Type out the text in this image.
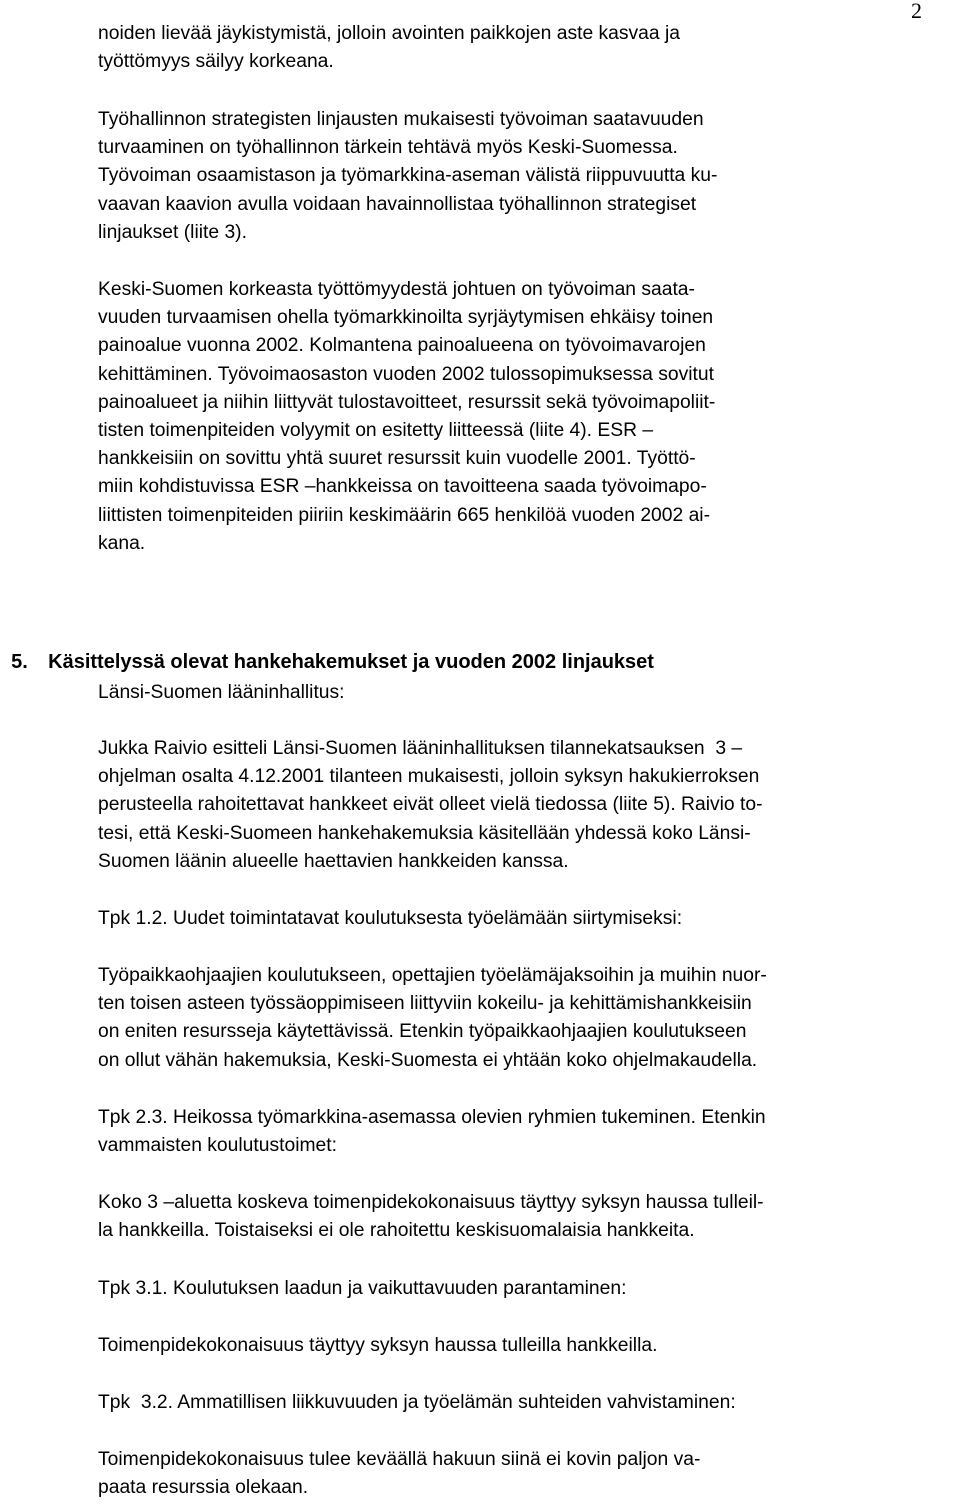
2
noiden lievää jäykistymistä, jolloin avointen paikkojen aste kasvaa ja
työttömyys säilyy korkeana.
Työhallinnon strategisten linjausten mukaisesti työvoiman saatavuuden
turvaaminen on työhallinnon tärkein tehtävä myös Keski-Suomessa.
Työvoiman osaamistason ja työmarkkina-aseman välistä riippuvuutta ku-
vaavan kaavion avulla voidaan havainnollistaa työhallinnon strategiset
linjaukset (liite 3).
Keski-Suomen korkeasta työttömyydestä johtuen on työvoiman saata-
vuuden turvaamisen ohella työmarkkinoilta syrjäytymisen ehkäisy toinen
painoalue vuonna 2002. Kolmantena painoalueena on työvoimavarojen
kehittäminen. Työvoimaosaston vuoden 2002 tulossopimuksessa sovitut
painoalueet ja niihin liittyvät tulostavoitteet, resurssit sekä työvoimapoliit-
tisten toimenpiteiden volyymit on esitetty liitteessä (liite 4). ESR –
hankkeisiin on sovittu yhtä suuret resurssit kuin vuodelle 2001. Työttö-
miin kohdistuvissa ESR –hankkeissa on tavoitteena saada työvoimapo-
liittisten toimenpiteiden piiriin keskimäärin 665 henkilöä vuoden 2002 ai-
kana.

5. Käsittelyssä olevat hankehakemukset ja vuoden 2002 linjaukset

Länsi-Suomen lääninhallitus:
Jukka Raivio esitteli Länsi-Suomen lääninhallituksen tilannekatsauksen  3 –
ohjelman osalta 4.12.2001 tilanteen mukaisesti, jolloin syksyn hakukierroksen
perusteella rahoitettavat hankkeet eivät olleet vielä tiedossa (liite 5). Raivio to-
tesi, että Keski-Suomeen hankehakemuksia käsitellään yhdessä koko Länsi-
Suomen läänin alueelle haettavien hankkeiden kanssa.
Tpk 1.2. Uudet toimintatavat koulutuksesta työelämään siirtymiseksi:
Työpaikkaohjaajien koulutukseen, opettajien työelämäjaksoihin ja muihin nuor-
ten toisen asteen työssäoppimiseen liittyviin kokeilu- ja kehittämishankkeisiin
on eniten resursseja käytettävissä. Etenkin työpaikkaohjaajien koulutukseen
on ollut vähän hakemuksia, Keski-Suomesta ei yhtään koko ohjelmakaudella.
Tpk 2.3. Heikossa työmarkkina-asemassa olevien ryhmien tukeminen. Etenkin
vammaisten koulutustoimet:
Koko 3 –aluetta koskeva toimenpidekokonaisuus täyttyy syksyn haussa tulleil-
la hankkeilla. Toistaiseksi ei ole rahoitettu keskisuomalaisia hankkeita.
Tpk 3.1. Koulutuksen laadun ja vaikuttavuuden parantaminen:
Toimenpidekokonaisuus täyttyy syksyn haussa tulleilla hankkeilla.
Tpk  3.2. Ammatillisen liikkuvuuden ja työelämän suhteiden vahvistaminen:
Toimenpidekokonaisuus tulee keväällä hakuun siinä ei kovin paljon va-
paata resurssia olekaan.
